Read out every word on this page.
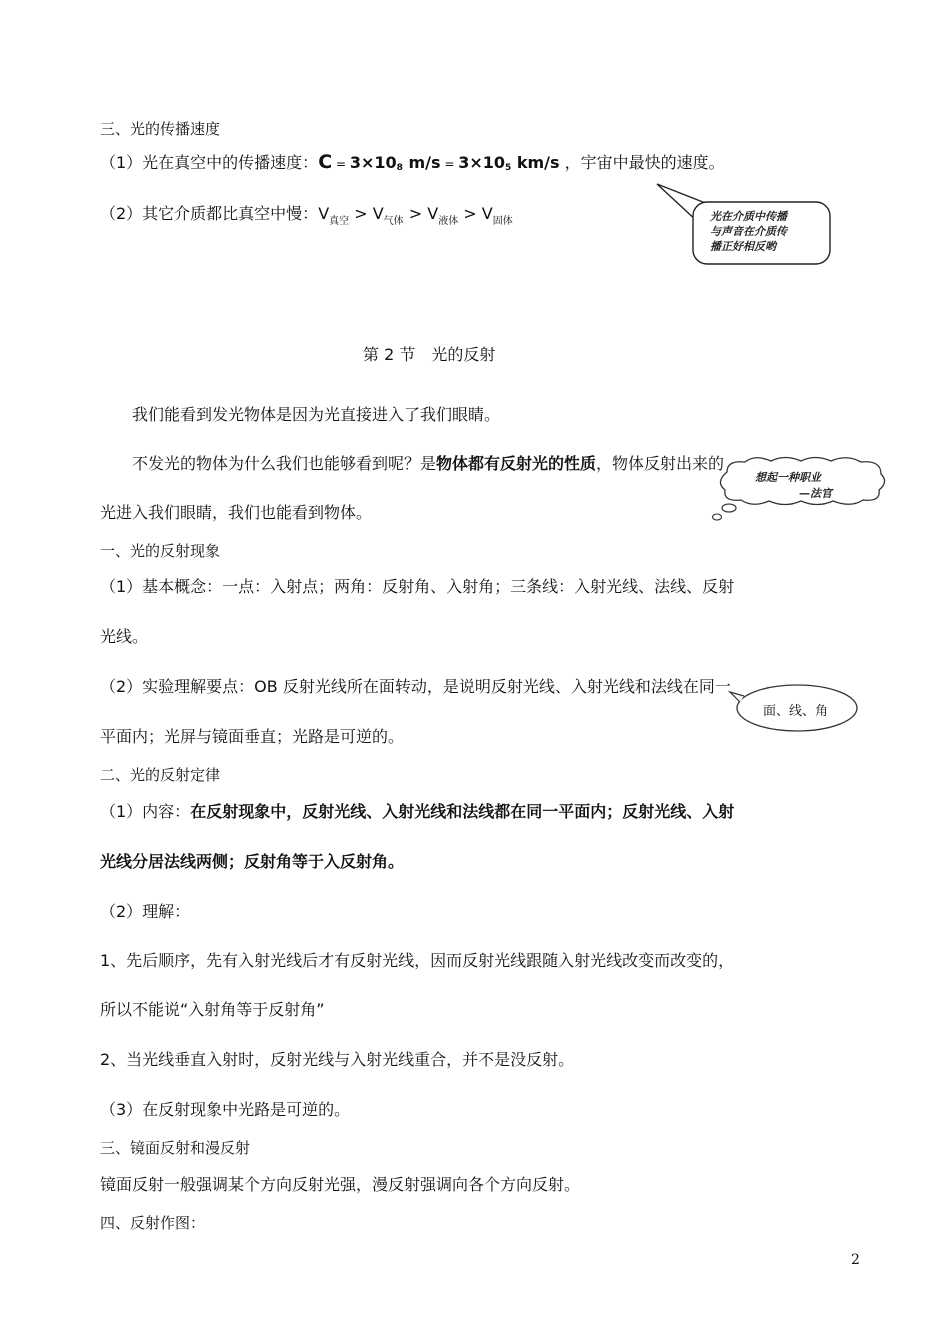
三、光的传播速度
（1）光在真空中的传播速度：C = 3×108 m/s = 3×105 km/s ，宇宙中最快的速度。
（2）其它介质都比真空中慢：$V_{真空} > V_{气体} > V_{液体} > V_{固体}$	光在介质中传播
与声音在介质传
播正好相反哟
第 2 节　光的反射
我们能看到发光物体是因为光直接进入了我们眼睛。
不发光的物体为什么我们也能够看到呢？是物体都有反射光的性质，物体反射出来的
光进入我们眼睛，我们也能看到物体。
想起一种职业
—法官
一、光的反射现象
（1）基本概念：一点：入射点；两角：反射角、入射角；三条线：入射光线、法线、反射
光线。
（2）实验理解要点：OB 反射光线所在面转动，是说明反射光线、入射光线和法线在同一
平面内；光屏与镜面垂直；光路是可逆的。
面、线、角
二、光的反射定律
（1）内容：在反射现象中，反射光线、入射光线和法线都在同一平面内；反射光线、入射
光线分居法线两侧；反射角等于入反射角。
（2）理解：
1、先后顺序，先有入射光线后才有反射光线，因而反射光线跟随入射光线改变而改变的，
所以不能说“入射角等于反射角”
2、当光线垂直入射时，反射光线与入射光线重合，并不是没反射。
（3）在反射现象中光路是可逆的。
三、镜面反射和漫反射
镜面反射一般强调某个方向反射光强，漫反射强调向各个方向反射。
四、反射作图：
2
